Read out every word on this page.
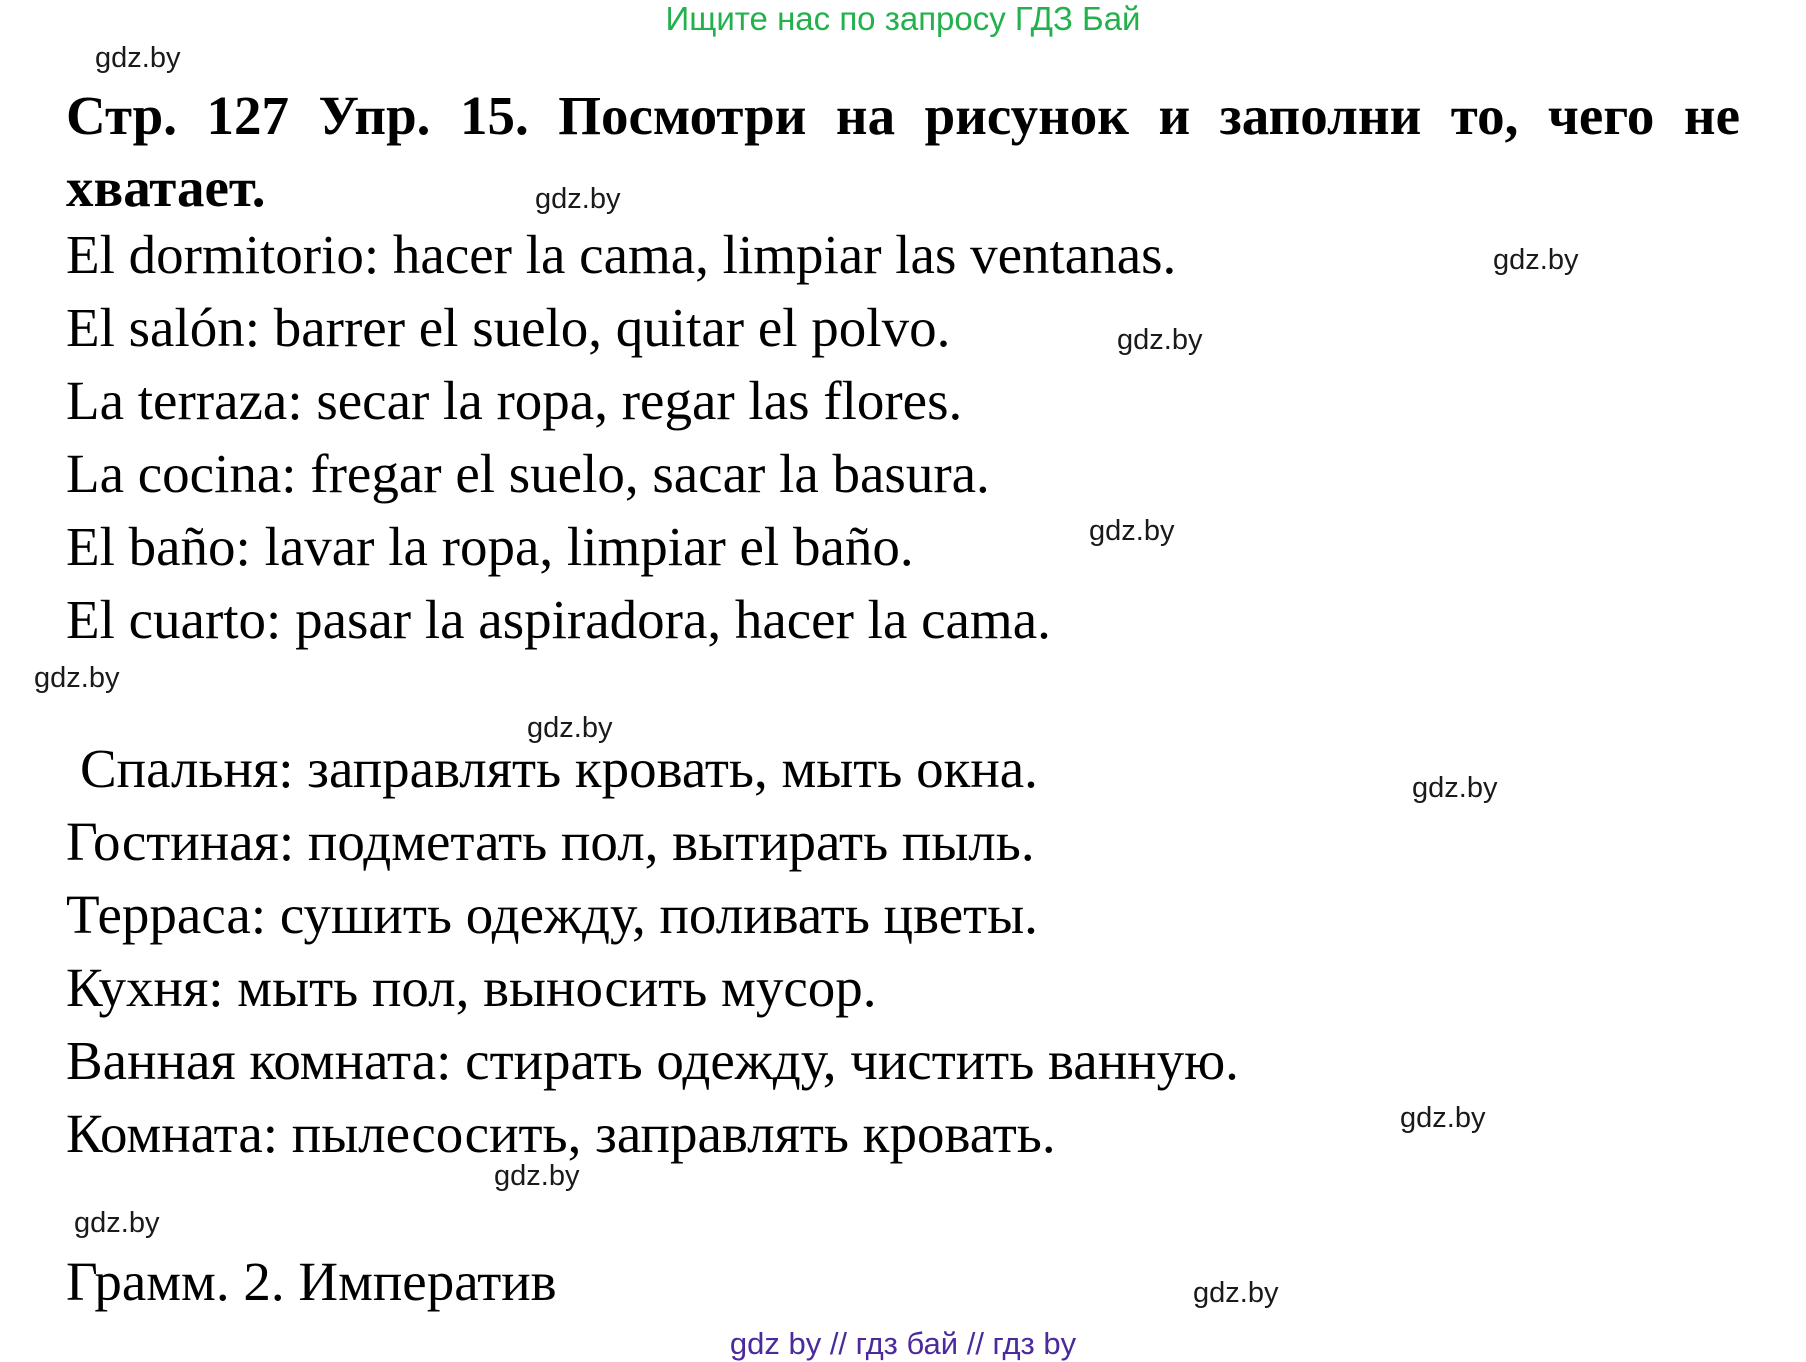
Ищите нас по запросу ГДЗ Бай
gdz.by
Стр. 127 Упр. 15. Посмотри на рисунок и заполни то, чего не хватает.	gdz.by
El dormitorio: hacer la cama, limpiar las ventanas.	gdz.by
El salón: barrer el suelo, quitar el polvo.	gdz.by
La terraza: secar la ropa, regar las flores.
La cocina: fregar el suelo, sacar la basura.
El baño: lavar la ropa, limpiar el baño.	gdz.by
El cuarto: pasar la aspiradora, hacer la cama.
gdz.by
gdz.by
Спальня: заправлять кровать, мыть окна.	gdz.by
Гостиная: подметать пол, вытирать пыль.
Терраса: сушить одежду, поливать цветы.
Кухня: мыть пол, выносить мусор.
Ванная комната: стирать одежду, чистить ванную.
gdz.by
Комната: пылесосить, заправлять кровать.
gdz.by
gdz.by
Грамм. 2. Императив	gdz.by
gdz by // гдз бай // гдз by
